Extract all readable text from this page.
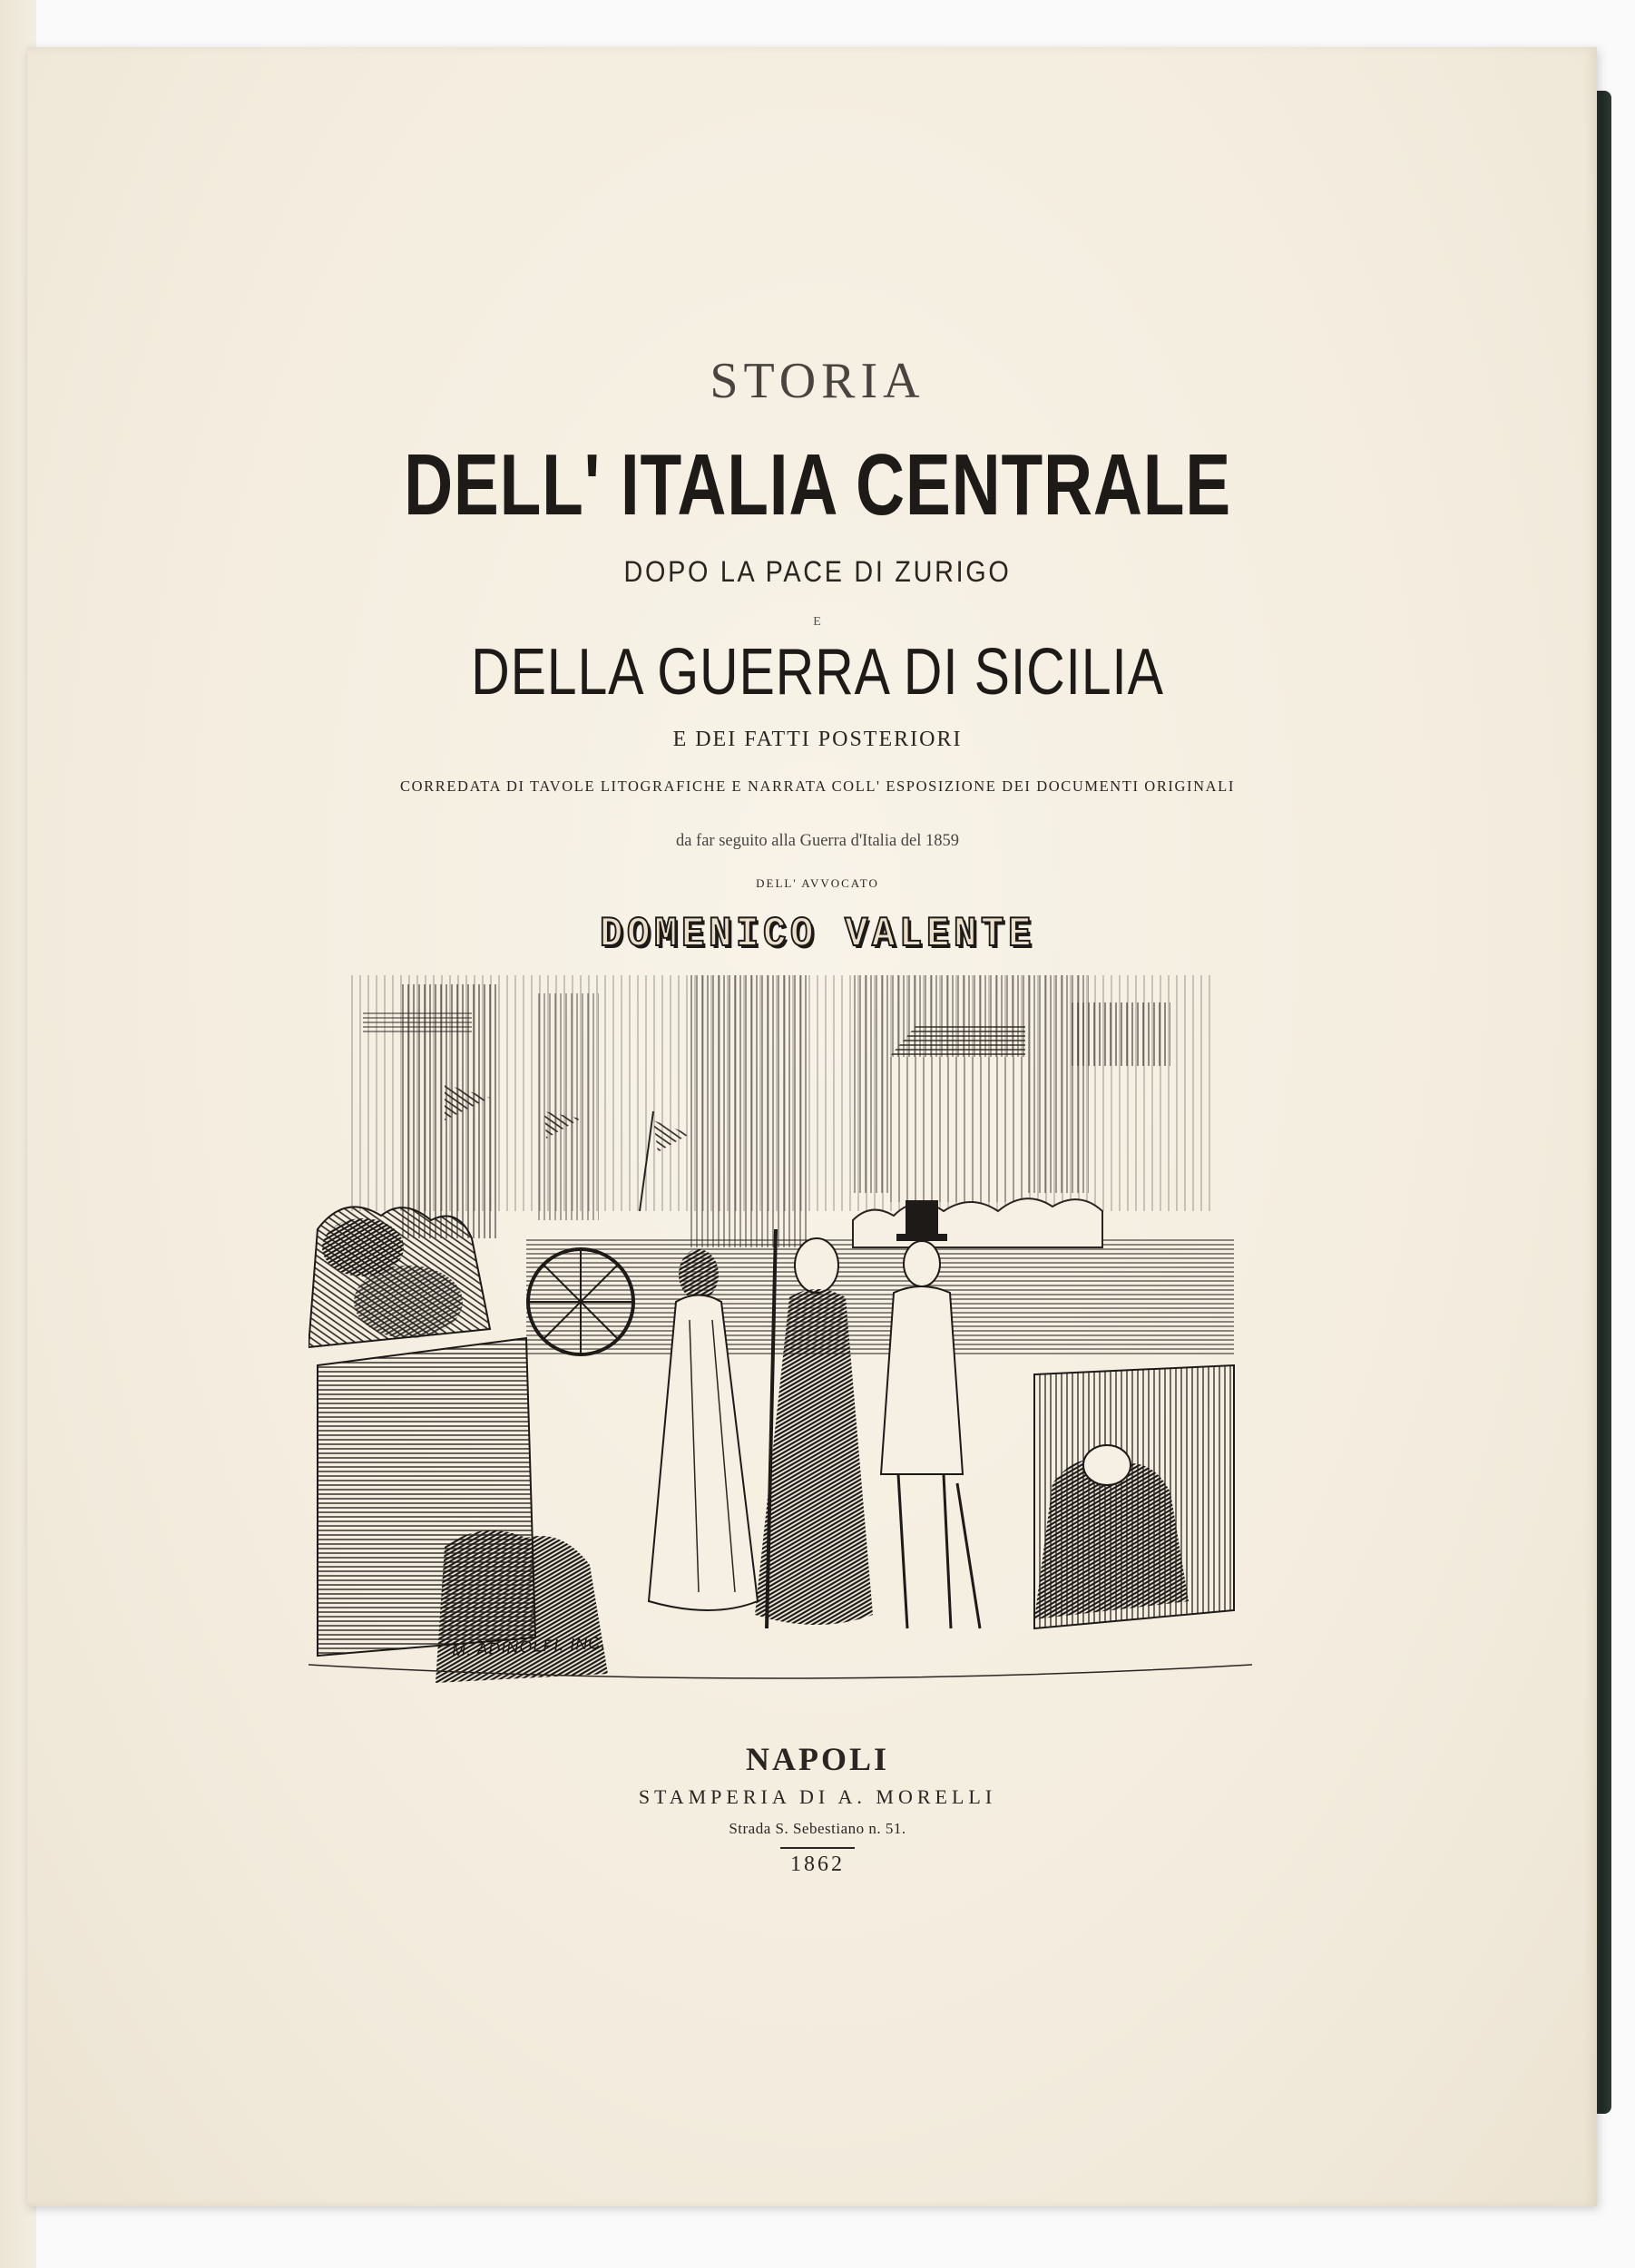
STORIA
DELL' ITALIA CENTRALE
DOPO LA PACE DI ZURIGO
E
DELLA GUERRA DI SICILIA
E DEI FATTI POSTERIORI
CORREDATA DI TAVOLE LITOGRAFICHE E NARRATA COLL' ESPOSIZIONE DEI DOCUMENTI ORIGINALI
da far seguito alla Guerra d'Italia del 1859
DELL' AVVOCATO
DOMENICO VALENTE
M. ADINOLFI. INC.
NAPOLI
STAMPERIA DI A. MORELLI
Strada S. Sebestiano n. 51.
1862
